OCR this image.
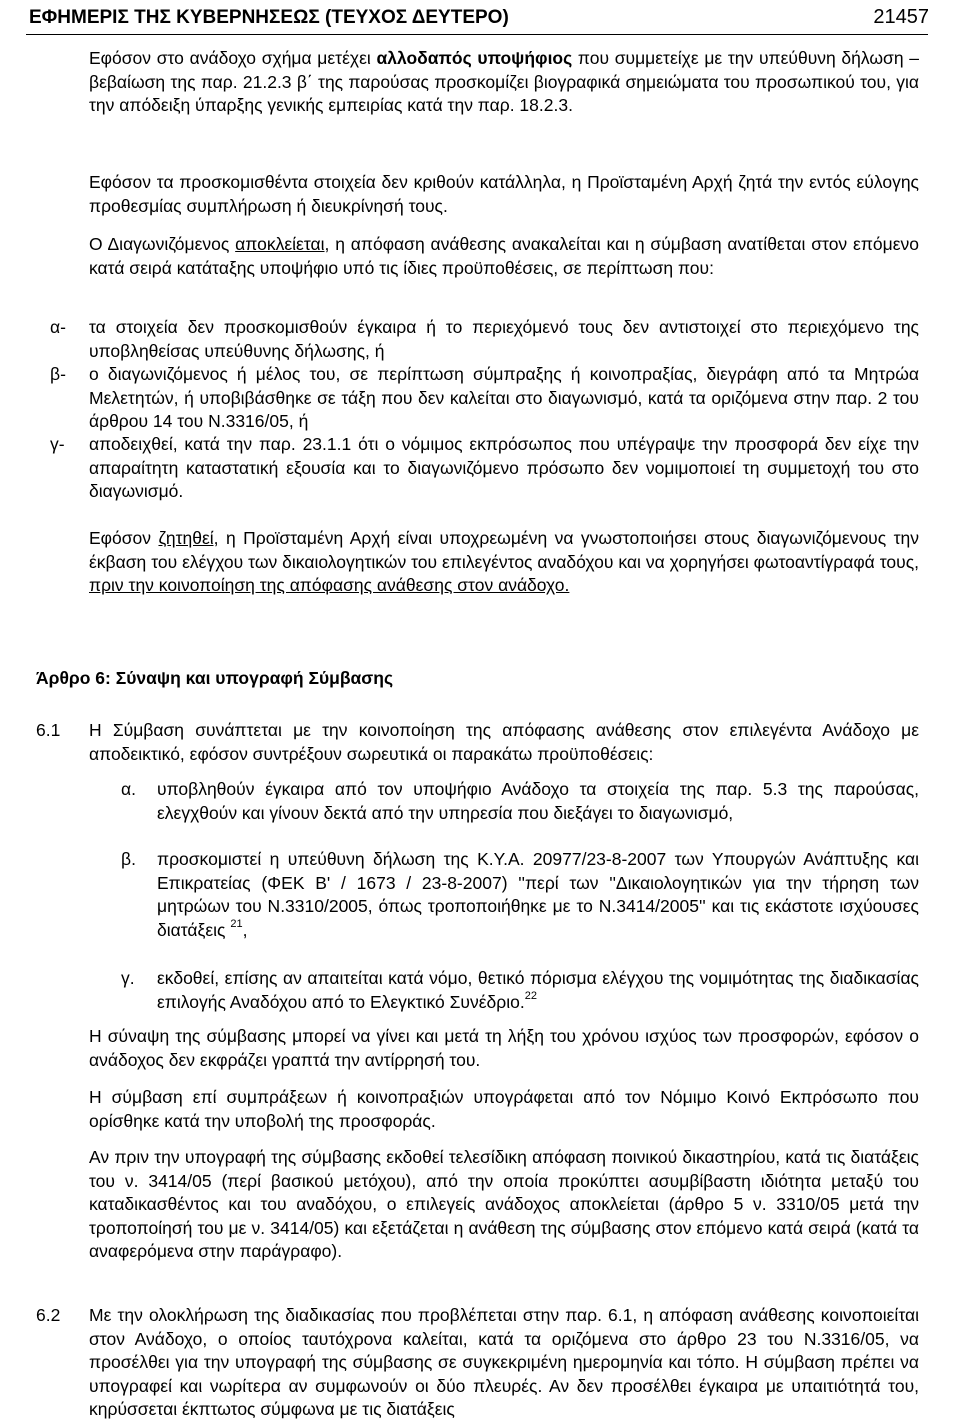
ΕΦΗΜΕΡΙΣ ΤΗΣ ΚΥΒΕΡΝΗΣΕΩΣ (ΤΕΥΧΟΣ ΔΕΥΤΕΡΟ)	21457
Εφόσον στο ανάδοχο σχήμα μετέχει αλλοδαπός υποψήφιος που συμμετείχε με την υπεύθυνη δήλωση – βεβαίωση της παρ. 21.2.3 β΄ της παρούσας προσκομίζει βιογραφικά σημειώματα του προσωπικού του, για την απόδειξη ύπαρξης γενικής εμπειρίας κατά την παρ. 18.2.3.
Εφόσον τα προσκομισθέντα στοιχεία δεν κριθούν κατάλληλα, η Προϊσταμένη Αρχή ζητά την εντός εύλογης προθεσμίας συμπλήρωση ή διευκρίνησή τους.
Ο Διαγωνιζόμενος αποκλείεται, η απόφαση ανάθεσης ανακαλείται και η σύμβαση ανατίθεται στον επόμενο κατά σειρά κατάταξης υποψήφιο υπό τις ίδιες προϋποθέσεις, σε περίπτωση που:
α- τα στοιχεία δεν προσκομισθούν έγκαιρα ή το περιεχόμενό τους δεν αντιστοιχεί στο περιεχόμενο της υποβληθείσας υπεύθυνης δήλωσης, ή
β- ο διαγωνιζόμενος ή μέλος του, σε περίπτωση σύμπραξης ή κοινοπραξίας, διεγράφη από τα Μητρώα Μελετητών, ή υποβιβάσθηκε σε τάξη που δεν καλείται στο διαγωνισμό, κατά τα οριζόμενα στην παρ. 2 του άρθρου 14 του Ν.3316/05, ή
γ- αποδειχθεί, κατά την παρ. 23.1.1 ότι ο νόμιμος εκπρόσωπος που υπέγραψε την προσφορά δεν είχε την απαραίτητη καταστατική εξουσία και το διαγωνιζόμενο πρόσωπο δεν νομιμοποιεί τη συμμετοχή του στο διαγωνισμό.
Εφόσον ζητηθεί, η Προϊσταμένη Αρχή είναι υποχρεωμένη να γνωστοποιήσει στους διαγωνιζόμενους την έκβαση του ελέγχου των δικαιολογητικών του επιλεγέντος αναδόχου και να χορηγήσει φωτοαντίγραφά τους, πριν την κοινοποίηση της απόφασης ανάθεσης στον ανάδοχο.
Άρθρο 6: Σύναψη και υπογραφή Σύμβασης
6.1 Η Σύμβαση συνάπτεται με την κοινοποίηση της απόφασης ανάθεσης στον επιλεγέντα Ανάδοχο με αποδεικτικό, εφόσον συντρέξουν σωρευτικά οι παρακάτω προϋποθέσεις:
α. υποβληθούν έγκαιρα από τον υποψήφιο Ανάδοχο τα στοιχεία της παρ. 5.3 της παρούσας, ελεγχθούν και γίνουν δεκτά από την υπηρεσία που διεξάγει το διαγωνισμό,
β. προσκομιστεί η υπεύθυνη δήλωση της Κ.Υ.Α. 20977/23-8-2007 των Υπουργών Ανάπτυξης και Επικρατείας (ΦΕΚ Β' / 1673 / 23-8-2007) ''περί των ''Δικαιολογητικών για την τήρηση των μητρώων του Ν.3310/2005, όπως τροποποιήθηκε με το Ν.3414/2005'' και τις εκάστοτε ισχύουσες διατάξεις $^{21}$,
γ. εκδοθεί, επίσης αν απαιτείται κατά νόμο, θετικό πόρισμα ελέγχου της νομιμότητας της διαδικασίας επιλογής Αναδόχου από το Ελεγκτικό Συνέδριο.$^{22}$
Η σύναψη της σύμβασης μπορεί να γίνει και μετά τη λήξη του χρόνου ισχύος των προσφορών, εφόσον ο ανάδοχος δεν εκφράζει γραπτά την αντίρρησή του.
Η σύμβαση επί συμπράξεων ή κοινοπραξιών υπογράφεται από τον Νόμιμο Κοινό Εκπρόσωπο που ορίσθηκε κατά την υποβολή της προσφοράς.
Αν πριν την υπογραφή της σύμβασης εκδοθεί τελεσίδικη απόφαση ποινικού δικαστηρίου, κατά τις διατάξεις του ν. 3414/05 (περί βασικού μετόχου), από την οποία προκύπτει ασυμβίβαστη ιδιότητα μεταξύ του καταδικασθέντος και του αναδόχου, ο επιλεγείς ανάδοχος αποκλείεται (άρθρο 5 ν. 3310/05 μετά την τροποποίησή του με ν. 3414/05) και εξετάζεται η ανάθεση της σύμβασης στον επόμενο κατά σειρά (κατά τα αναφερόμενα στην παράγραφο).
6.2 Με την ολοκλήρωση της διαδικασίας που προβλέπεται στην παρ. 6.1, η απόφαση ανάθεσης κοινοποιείται στον Ανάδοχο, ο οποίος ταυτόχρονα καλείται, κατά τα οριζόμενα στο άρθρο 23 του Ν.3316/05, να προσέλθει για την υπογραφή της σύμβασης σε συγκεκριμένη ημερομηνία και τόπο. Η σύμβαση πρέπει να υπογραφεί και νωρίτερα αν συμφωνούν οι δύο πλευρές. Αν δεν προσέλθει έγκαιρα με υπαιτιότητά του, κηρύσσεται έκπτωτος σύμφωνα με τις διατάξεις
